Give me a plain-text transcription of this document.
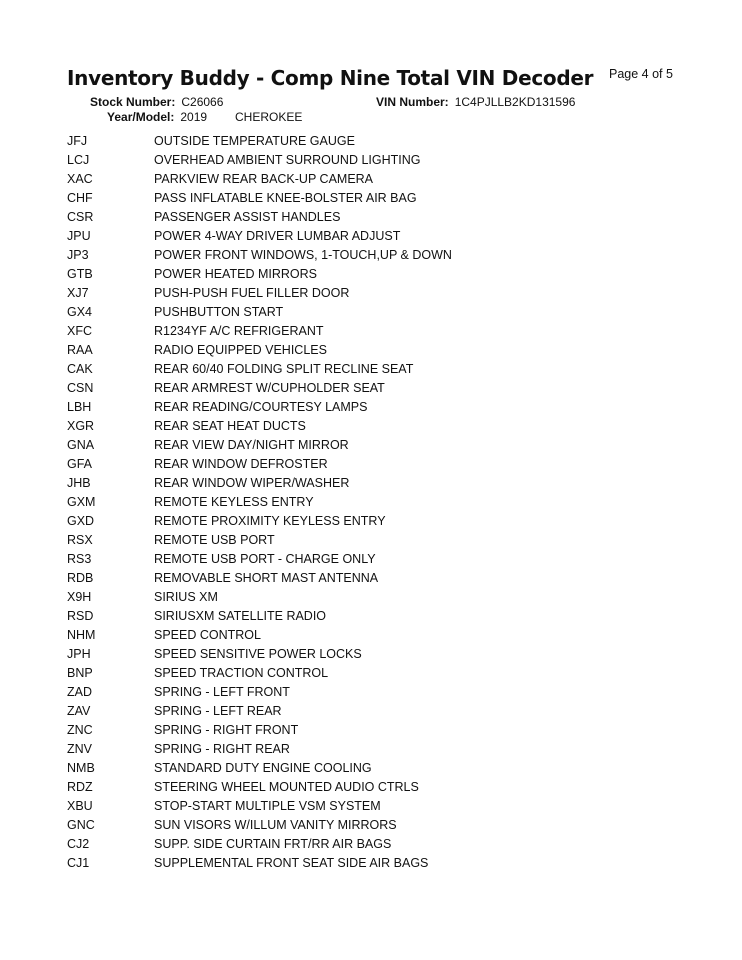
Inventory Buddy - Comp Nine Total VIN Decoder Page 4 of 5
Stock Number: C26066	VIN Number: 1C4PJLLB2KD131596
Year/Model: 2019 CHEROKEE
JFJ	OUTSIDE TEMPERATURE GAUGE
LCJ	OVERHEAD AMBIENT SURROUND LIGHTING
XAC	PARKVIEW REAR BACK-UP CAMERA
CHF	PASS INFLATABLE KNEE-BOLSTER AIR BAG
CSR	PASSENGER ASSIST HANDLES
JPU	POWER 4-WAY DRIVER LUMBAR ADJUST
JP3	POWER FRONT WINDOWS, 1-TOUCH,UP & DOWN
GTB	POWER HEATED MIRRORS
XJ7	PUSH-PUSH FUEL FILLER DOOR
GX4	PUSHBUTTON START
XFC	R1234YF A/C REFRIGERANT
RAA	RADIO EQUIPPED VEHICLES
CAK	REAR 60/40 FOLDING SPLIT RECLINE SEAT
CSN	REAR ARMREST W/CUPHOLDER SEAT
LBH	REAR READING/COURTESY LAMPS
XGR	REAR SEAT HEAT DUCTS
GNA	REAR VIEW DAY/NIGHT MIRROR
GFA	REAR WINDOW DEFROSTER
JHB	REAR WINDOW WIPER/WASHER
GXM	REMOTE KEYLESS ENTRY
GXD	REMOTE PROXIMITY KEYLESS ENTRY
RSX	REMOTE USB PORT
RS3	REMOTE USB PORT - CHARGE ONLY
RDB	REMOVABLE SHORT MAST ANTENNA
X9H	SIRIUS XM
RSD	SIRIUSXM SATELLITE RADIO
NHM	SPEED CONTROL
JPH	SPEED SENSITIVE POWER LOCKS
BNP	SPEED TRACTION CONTROL
ZAD	SPRING - LEFT FRONT
ZAV	SPRING - LEFT REAR
ZNC	SPRING - RIGHT FRONT
ZNV	SPRING - RIGHT REAR
NMB	STANDARD DUTY ENGINE COOLING
RDZ	STEERING WHEEL MOUNTED AUDIO CTRLS
XBU	STOP-START MULTIPLE VSM SYSTEM
GNC	SUN VISORS W/ILLUM VANITY MIRRORS
CJ2	SUPP. SIDE CURTAIN FRT/RR AIR BAGS
CJ1	SUPPLEMENTAL FRONT SEAT SIDE AIR BAGS
